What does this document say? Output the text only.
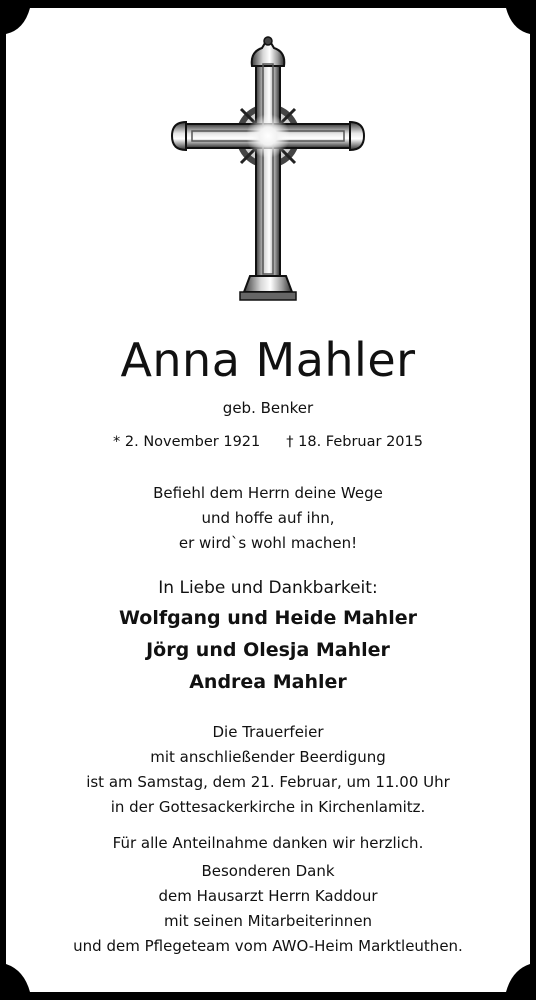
Anna Mahler
geb. Benker
* 2. November 1921 † 18. Februar 2015
Befiehl dem Herrn deine Wege
und hoffe auf ihn,
er wird`s wohl machen!
In Liebe und Dankbarkeit:
Wolfgang und Heide Mahler
Jörg und Olesja Mahler
Andrea Mahler
Die Trauerfeier
mit anschließender Beerdigung
ist am Samstag, dem 21. Februar, um 11.00 Uhr
in der Gottesackerkirche in Kirchenlamitz.
Für alle Anteilnahme danken wir herzlich.
Besonderen Dank
dem Hausarzt Herrn Kaddour
mit seinen Mitarbeiterinnen
und dem Pflegeteam vom AWO-Heim Marktleuthen.
